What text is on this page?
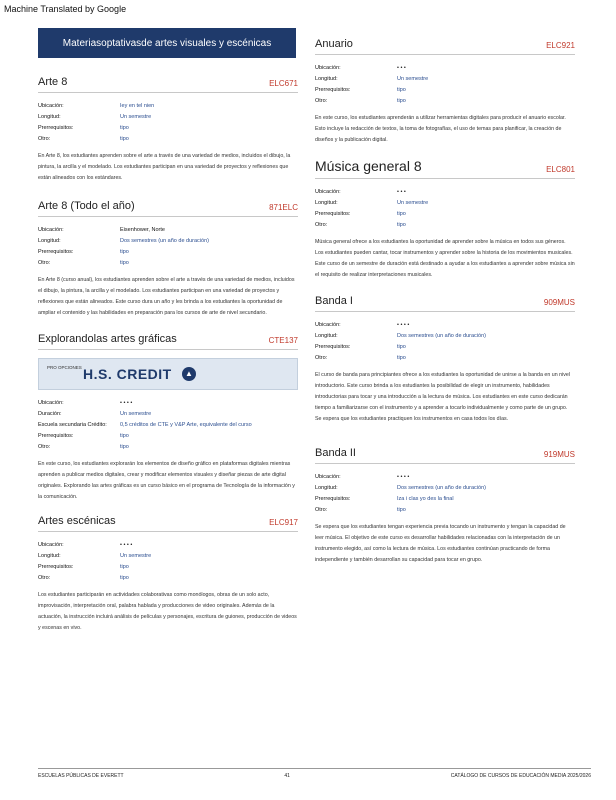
Machine Translated by Google
Materiasoptativasde artes visuales y escénicas
Arte 8	ELC671
Ubicación:	Iey en tel nien
Longitud:	Un semestre
Prerrequisitos:	tipo
Otro:	tipo
En Arte 8, los estudiantes aprenden sobre el arte a través de una variedad de medios, incluidos el dibujo, la pintura, la arcilla y el modelado. Los estudiantes participan en una variedad de proyectos y reflexiones que están alineados con los estándares.
Arte 8 (Todo el año)	871ELC
Ubicación:	Eisenhower, Norte
Longitud:	Dos semestres (un año de duración)
Prerrequisitos:	tipo
Otro:	tipo
En Arte 8 (curso anual), los estudiantes aprenden sobre el arte a través de una variedad de medios, incluidos el dibujo, la pintura, la arcilla y el modelado. Los estudiantes participan en una variedad de proyectos y reflexiones que están alineados. Este curso dura un año y les brinda a los estudiantes la oportunidad de ampliar el contenido y las habilidades en preparación para los cursos de arte de nivel secundario.
Explorandolas artes gráficas	CTE137
PRO OPCIONES H.S. CREDIT	▲
Ubicación:	• • • •
Duración:	Un semestre
Escuela secundaria Crédito:	0,5 créditos de CTE y V&P Arte, equivalente del curso
Prerrequisitos:	tipo
Otro:	tipo
En este curso, los estudiantes explorarán los elementos de diseño gráfico en plataformas digitales mientras aprenden a publicar medios digitales, crear y modificar elementos visuales y diseñar piezas de arte digital originales. Explorando las artes gráficas es un curso básico en el programa de Tecnología de la información y la comunicación.
Artes escénicas	ELC917
Ubicación:	• • • •
Longitud:	Un semestre
Prerrequisitos:	tipo
Otro:	tipo
Los estudiantes participarán en actividades colaborativas como monólogos, obras de un solo acto, improvisación, interpretación oral, palabra hablada y producciones de video originales. Además de la actuación, la instrucción incluirá análisis de películas y personajes, escritura de guiones, producción de videos y escenas en vivo.
Anuario	ELC921
Ubicación:	• • •
Longitud:	Un semestre
Prerrequisitos:	tipo
Otro:	tipo
En este curso, los estudiantes aprenderán a utilizar herramientas digitales para producir el anuario escolar. Esto incluye la redacción de textos, la toma de fotografías, el uso de temas para planificar, la creación de diseños y la publicación digital.
Música general 8	ELC801
Ubicación:	• • •
Longitud:	Un semestre
Prerrequisitos:	tipo
Otro:	tipo
Música general ofrece a los estudiantes la oportunidad de aprender sobre la música en todos sus géneros. Los estudiantes pueden cantar, tocar instrumentos y aprender sobre la historia de los movimientos musicales. Este curso de un semestre de duración está destinado a ayudar a los estudiantes a aprender sobre música sin el requisito de realizar interpretaciones musicales.
Banda I	909MUS
Ubicación:	• • • •
Longitud:	Dos semestres (un año de duración)
Prerrequisitos:	tipo
Otro:	tipo
El curso de banda para principiantes ofrece a los estudiantes la oportunidad de unirse a la banda en un nivel introductorio. Este curso brinda a los estudiantes la posibilidad de elegir un instrumento, habilidades introductorias para tocar y una introducción a la lectura de música. Los estudiantes en este curso dedicarán tiempo a familiarizarse con el instrumento y a aprender a tocarlo individualmente y como parte de un grupo. Se espera que los estudiantes practiquen los instrumentos en casa todos los días.
Banda II	919MUS
Ubicación:	• • • •
Longitud:	Dos semestres (un año de duración)
Prerrequisitos:	Iza i clas yo des la final
Otro:	tipo
Se espera que los estudiantes tengan experiencia previa tocando un instrumento y tengan la capacidad de leer música. El objetivo de este curso es desarrollar habilidades relacionadas con la interpretación de un instrumento elegido, así como la lectura de música. Los estudiantes continúan practicando de forma independiente y también desarrollan su capacidad para tocar en grupo.
ESCUELAS PÚBLICAS DE EVERETT	41	CATÁLOGO DE CURSOS DE EDUCACIÓN MEDIA 2025/2026
